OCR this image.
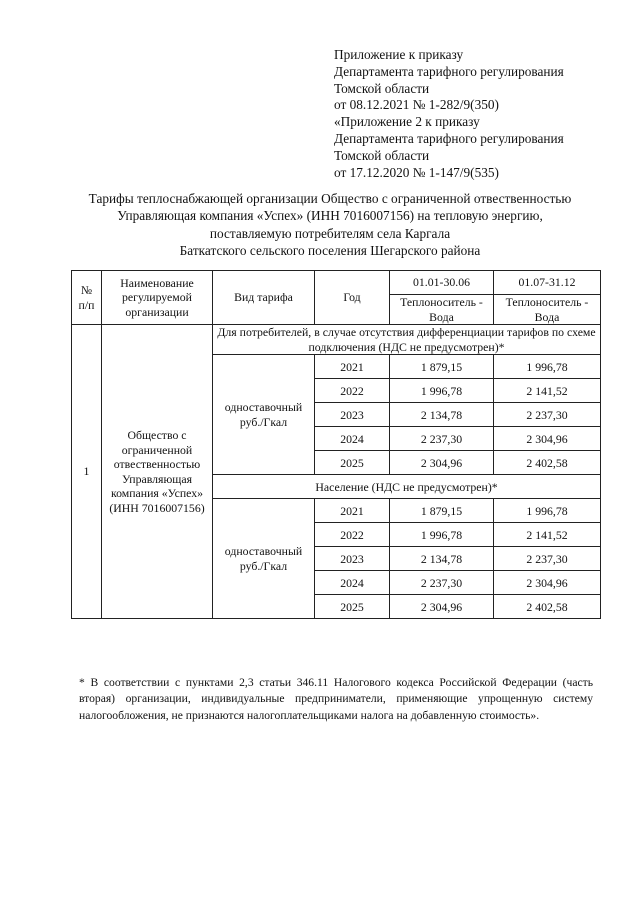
Приложение к приказу
Департамента тарифного регулирования
Томской области
от 08.12.2021 № 1-282/9(350)
«Приложение 2 к приказу
Департамента тарифного регулирования
Томской области
от 17.12.2020 № 1-147/9(535)
Тарифы теплоснабжающей организации Общество с ограниченной отвественностью
Управляющая компания «Успех» (ИНН 7016007156) на тепловую энергию,
поставляемую потребителям села Каргала
Баткатского сельского поселения Шегарского района
№ п/п	Наименование регулируемой организации	Вид тарифа	Год	01.01-30.06	01.07-31.12
				Теплоноситель - Вода	Теплоноситель - Вода
1	Общество с ограниченной отвественностью Управляющая компания «Успех» (ИНН 7016007156)	Для потребителей, в случае отсутствия дифференциации тарифов по схеме подключения (НДС не предусмотрен)*			
		одноставочный руб./Гкал	2021	1 879,15	1 996,78
			2022	1 996,78	2 141,52
			2023	2 134,78	2 237,30
			2024	2 237,30	2 304,96
			2025	2 304,96	2 402,58
		Население (НДС не предусмотрен)*			
		одноставочный руб./Гкал	2021	1 879,15	1 996,78
			2022	1 996,78	2 141,52
			2023	2 134,78	2 237,30
			2024	2 237,30	2 304,96
			2025	2 304,96	2 402,58
* В соответствии с пунктами 2,3 статьи 346.11 Налогового кодекса Российской Федерации (часть вторая) организации, индивидуальные предприниматели, применяющие упрощенную систему налогообложения, не признаются налогоплательщиками налога на добавленную стоимость».
